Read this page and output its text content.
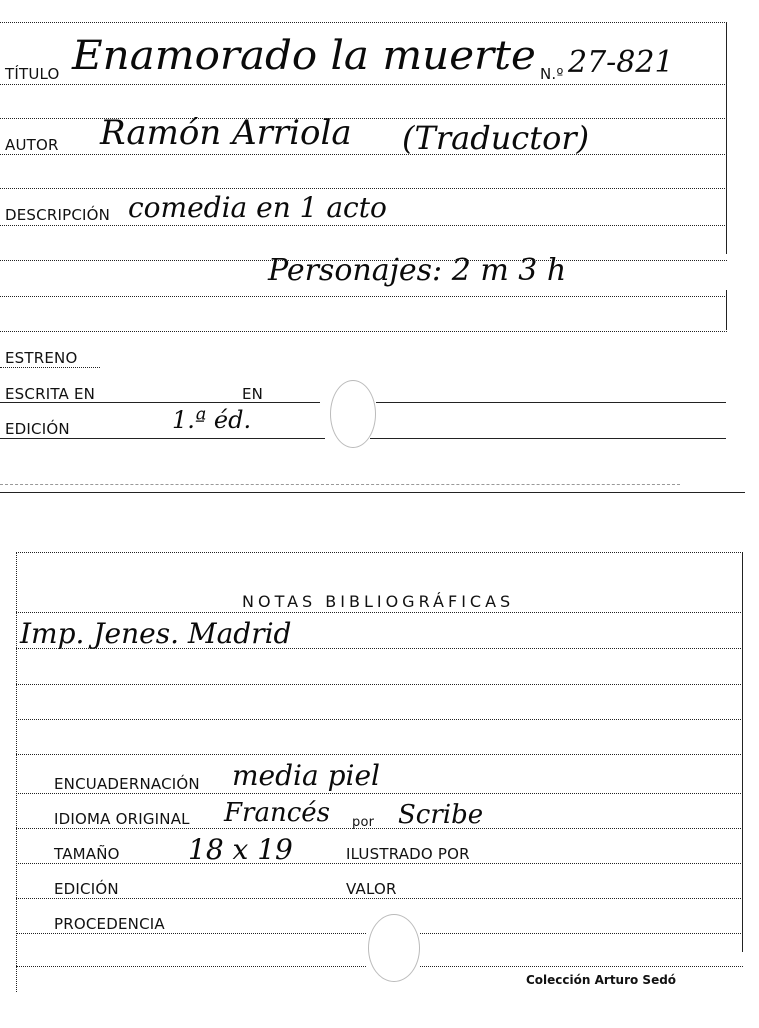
TÍTULO Enamorado la muerte N.º 27-821
AUTOR Ramón Arriola (Traductor)
DESCRIPCIÓN comedia en 1 acto
Personajes: 2 m 3 h
ESTRENO
ESCRITA EN	EN
EDICIÓN	1.ª éd.
NOTAS BIBLIOGRÁFICAS
Imp. Jenes. Madrid
ENCUADERNACIÓN media piel
IDIOMA ORIGINAL Francés por Scribe
TAMAÑO 18 x 19	ILUSTRADO POR
EDICIÓN	VALOR
PROCEDENCIA
Colección Arturo Sedó
